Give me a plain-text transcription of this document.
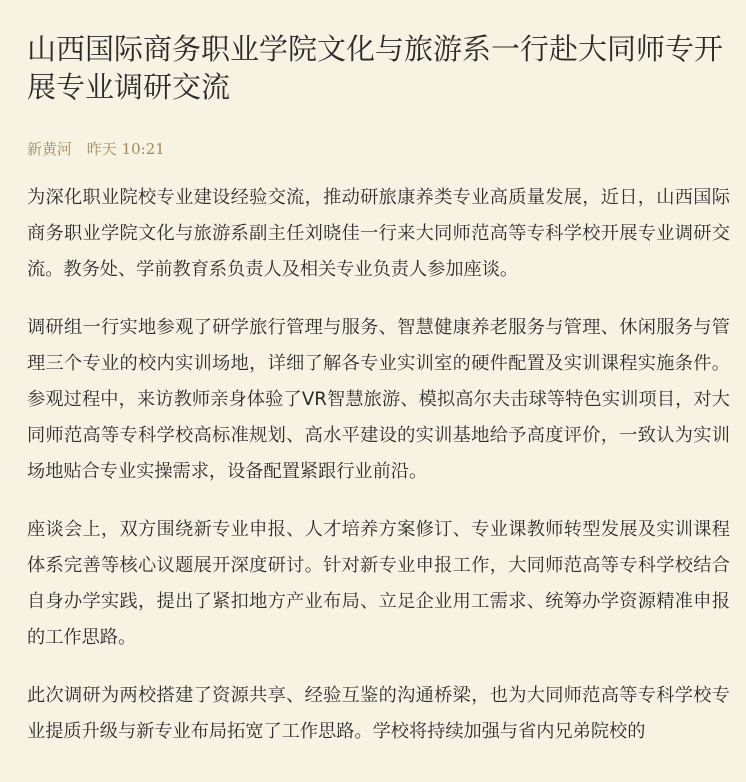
山西国际商务职业学院文化与旅游系一行赴大同师专开展专业调研交流
新黄河 昨天 10:21

为深化职业院校专业建设经验交流，推动研旅康养类专业高质量发展，近日，山西国际商务职业学院文化与旅游系副主任刘晓佳一行来大同师范高等专科学校开展专业调研交流。教务处、学前教育系负责人及相关专业负责人参加座谈。

调研组一行实地参观了研学旅行管理与服务、智慧健康养老服务与管理、休闲服务与管理三个专业的校内实训场地，详细了解各专业实训室的硬件配置及实训课程实施条件。参观过程中，来访教师亲身体验了VR智慧旅游、模拟高尔夫击球等特色实训项目，对大同师范高等专科学校高标准规划、高水平建设的实训基地给予高度评价，一致认为实训场地贴合专业实操需求，设备配置紧跟行业前沿。

座谈会上，双方围绕新专业申报、人才培养方案修订、专业课教师转型发展及实训课程体系完善等核心议题展开深度研讨。针对新专业申报工作，大同师范高等专科学校结合自身办学实践，提出了紧扣地方产业布局、立足企业用工需求、统筹办学资源精准申报的工作思路。

此次调研为两校搭建了资源共享、经验互鉴的沟通桥梁，也为大同师范高等专科学校专业提质升级与新专业布局拓宽了工作思路。学校将持续加强与省内兄弟院校的
